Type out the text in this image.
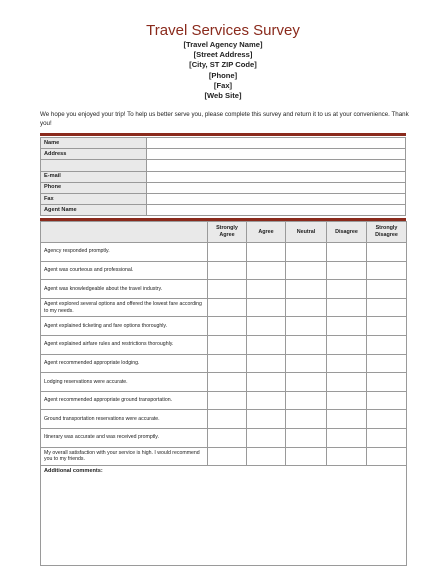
Travel Services Survey
[Travel Agency Name]
[Street Address]
[City, ST ZIP Code]
[Phone]
[Fax]
[Web Site]
We hope you enjoyed your trip! To help us better serve you, please complete this survey and return it to us at your convenience. Thank you!
Name	
Address	

E-mail	
Phone	
Fax	
Agent Name	
	Strongly Agree	Agree	Neutral	Disagree	Strongly Disagree
Agency responded promptly.					
Agent was courteous and professional.					
Agent was knowledgeable about the travel industry.					
Agent explored several options and offered the lowest fare according to my needs.					
Agent explained ticketing and fare options thoroughly.					
Agent explained airfare rules and restrictions thoroughly.					
Agent recommended appropriate lodging.					
Lodging reservations were accurate.					
Agent recommended appropriate ground transportation.					
Ground transportation reservations were accurate.					
Itinerary was accurate and was received promptly.					
My overall satisfaction with your service is high. I would recommend you to my friends.					
Additional comments:					
